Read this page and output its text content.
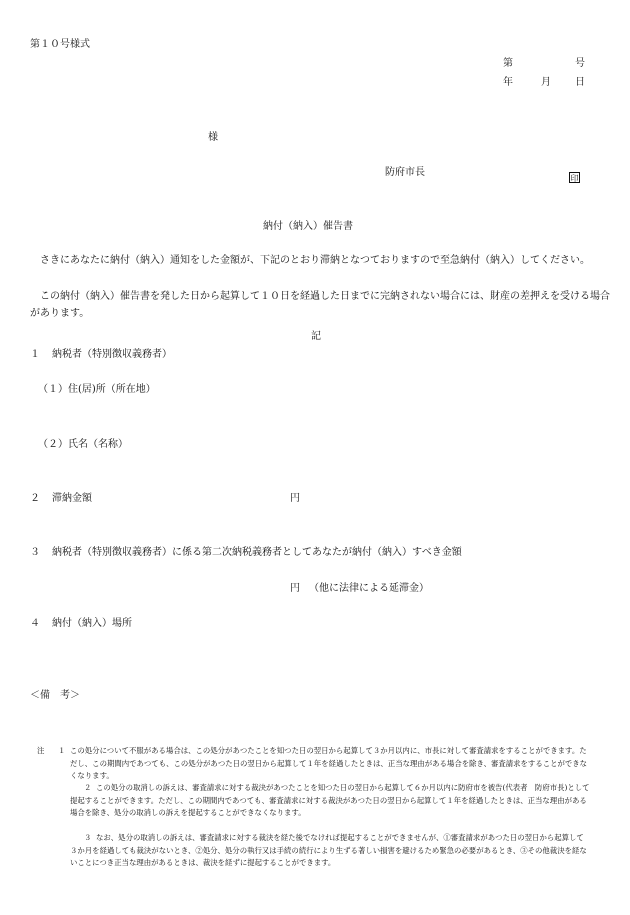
第１０号様式
第	号
年	月 日
様
防府市長
印
納付（納入）催告書
さきにあなたに納付（納入）通知をした金額が、下記のとおり滞納となつておりますので至急納付（納入）してください。
この納付（納入）催告書を発した日から起算して１０日を経過した日までに完納されない場合には、財産の差押えを受ける場合があります。
記
１ 納税者（特別徴収義務者）
（１）住(居)所（所在地）
（２）氏名（名称）
２ 滞納金額	円
３ 納税者（特別徴収義務者）に係る第二次納税義務者としてあなたが納付（納入）すべき金額
円 （他に法律による延滞金）
４ 納付（納入）場所
＜備　考＞
注 １ この処分について不服がある場合は、この処分があつたことを知つた日の翌日から起算して３か月以内に、市長に対して審査請求をすることができます。ただし、この期間内であつても、この処分があつた日の翌日から起算して１年を経過したときは、正当な理由がある場合を除き、審査請求をすることができなくなります。
２ この処分の取消しの訴えは、審査請求に対する裁決があつたことを知つた日の翌日から起算して６か月以内に防府市を被告(代表者　防府市長)として提起することができます。ただし、この期間内であつても、審査請求に対する裁決があつた日の翌日から起算して１年を経過したときは、正当な理由がある場合を除き、処分の取消しの訴えを提起することができなくなります。
３ なお、処分の取消しの訴えは、審査請求に対する裁決を経た後でなければ提起することができませんが、①審査請求があつた日の翌日から起算して３か月を経過しても裁決がないとき、②処分、処分の執行又は手続の続行により生ずる著しい損害を避けるため緊急の必要があるとき、③その他裁決を経ないことにつき正当な理由があるときは、裁決を経ずに提起することができます。
